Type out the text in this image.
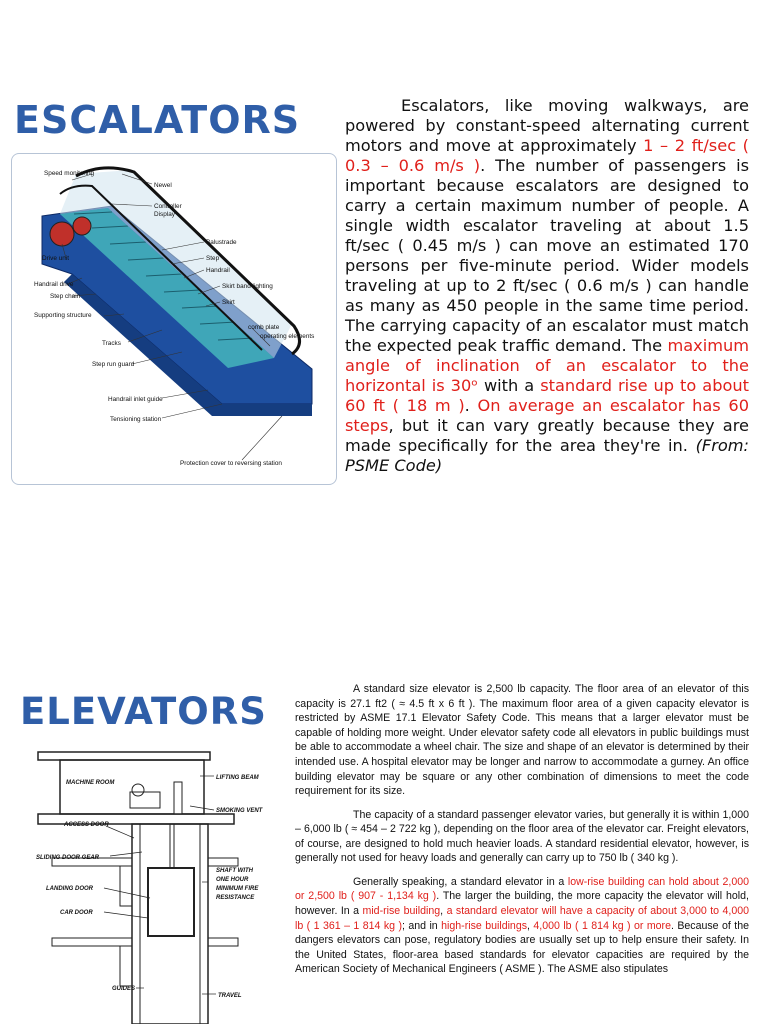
ESCALATORS
Speed monitoring
Newel
Controller
Display
Balustrade
Drive unit	Step
Handrail
Handrail drive	Skirt band lighting
Step chain
Skirt
Supporting structure
comb plate
operating elements
Tracks
Step run guard
Handrail inlet guide
Tensioning station
Protection cover to reversing station
Escalators, like moving walkways, are powered by constant-speed alternating current motors and move at approximately 1 – 2 ft/sec ( 0.3 – 0.6 m/s ). The number of passengers is important because escalators are designed to carry a certain maximum number of people. A single width escalator traveling at about 1.5 ft/sec ( 0.45 m/s ) can move an estimated 170 persons per five-minute period. Wider models traveling at up to 2 ft/sec ( 0.6 m/s ) can handle as many as 450 people in the same time period. The carrying capacity of an escalator must match the expected peak traffic demand. The maximum angle of inclination of an escalator to the horizontal is 30ᵒ with a standard rise up to about 60 ft ( 18 m ). On average an escalator has 60 steps, but it can vary greatly because they are made specifically for the area they're in. (From: PSME Code)
ELEVATORS
MACHINE ROOM
LIFTING BEAM
SMOKING VENT
ACCESS DOOR
SLIDING DOOR GEAR
SHAFT WITH
ONE HOUR
MINIMUM FIRE
RESISTANCE
LANDING DOOR
CAR DOOR
GUIDES
TRAVEL

A standard size elevator is 2,500 lb capacity. The floor area of an elevator of this capacity is 27.1 ft2 ( ≈ 4.5 ft x 6 ft ). The maximum floor area of a given capacity elevator is restricted by ASME 17.1 Elevator Safety Code. This means that a larger elevator must be capable of holding more weight. Under elevator safety code all elevators in public buildings must be able to accommodate a wheel chair. The size and shape of an elevator is determined by their intended use. A hospital elevator may be longer and narrow to accommodate a gurney. An office building elevator may be square or any other combination of dimensions to meet the code requirement for its size.

The capacity of a standard passenger elevator varies, but generally it is within 1,000 – 6,000 lb ( ≈ 454 – 2 722 kg ), depending on the floor area of the elevator car. Freight elevators, of course, are designed to hold much heavier loads. A standard residential elevator, however, is generally not used for heavy loads and generally can carry up to 750 lb ( 340 kg ).

Generally speaking, a standard elevator in a low-rise building can hold about 2,000 or 2,500 lb ( 907 - 1,134 kg ). The larger the building, the more capacity the elevator will hold, however. In a mid-rise building, a standard elevator will have a capacity of about 3,000 to 4,000 lb ( 1 361 – 1 814 kg ); and in high-rise buildings, 4,000 lb ( 1 814 kg ) or more. Because of the dangers elevators can pose, regulatory bodies are usually set up to help ensure their safety. In the United States, floor-area based standards for elevator capacities are required by the American Society of Mechanical Engineers ( ASME ). The ASME also stipulates
